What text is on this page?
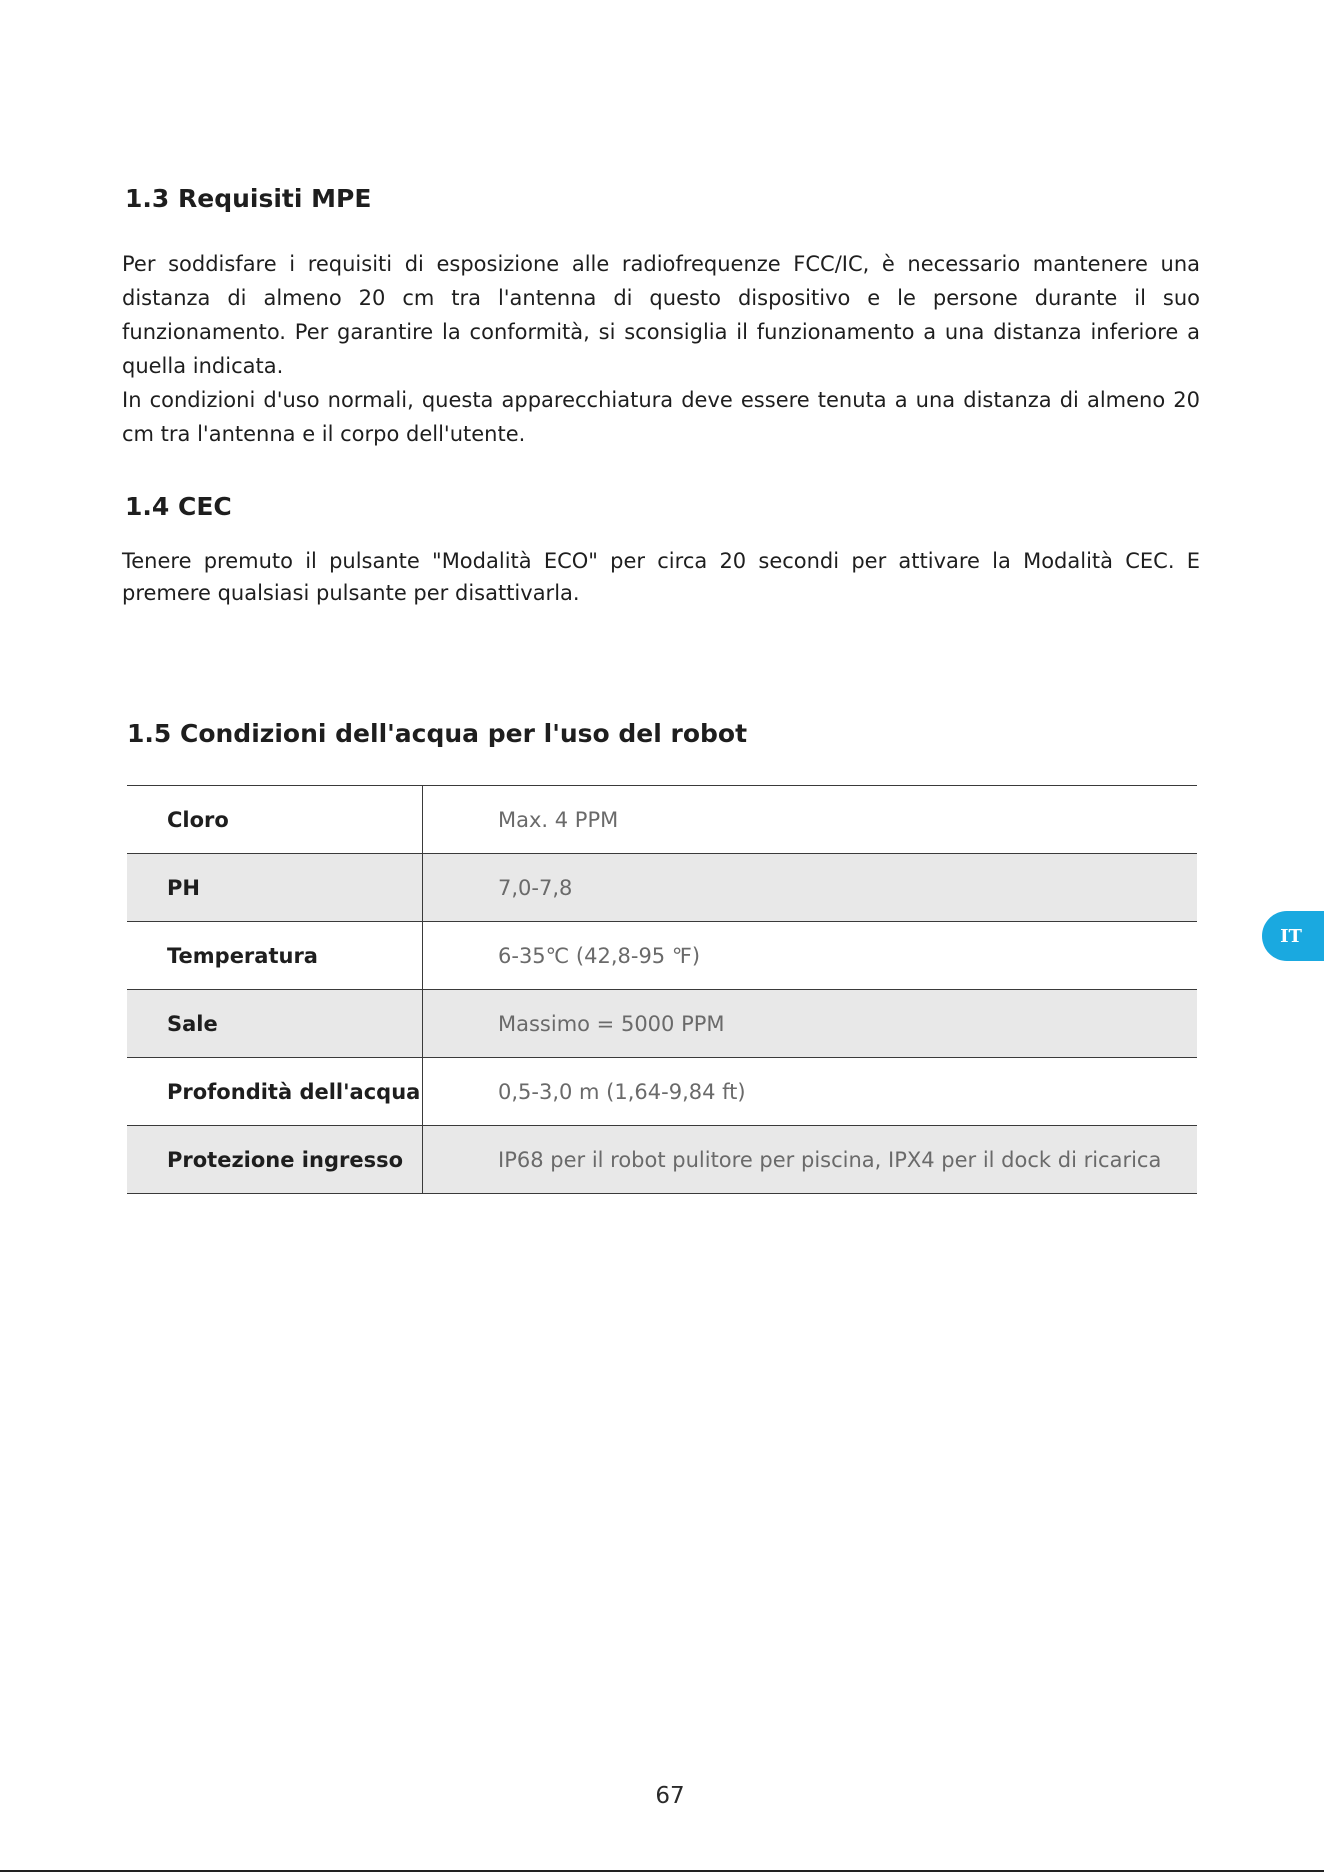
1.3 Requisiti MPE

Per soddisfare i requisiti di esposizione alle radiofrequenze FCC/IC, è necessario mantenere una distanza di almeno 20 cm tra l'antenna di questo dispositivo e le persone durante il suo funzionamento. Per garantire la conformità, si sconsiglia il funzionamento a una distanza inferiore a quella indicata.

In condizioni d'uso normali, questa apparecchiatura deve essere tenuta a una distanza di almeno 20 cm tra l'antenna e il corpo dell'utente.

1.4 CEC

Tenere premuto il pulsante "Modalità ECO" per circa 20 secondi per attivare la Modalità CEC. E premere qualsiasi pulsante per disattivarla.

1.5 Condizioni dell'acqua per l'uso del robot
Cloro	Max. 4 PPM
PH	7,0-7,8
Temperatura	6-35℃ (42,8-95 ℉)
Sale	Massimo = 5000 PPM
Profondità dell'acqua	0,5-3,0 m (1,64-9,84 ft)
Protezione ingresso	IP68 per il robot pulitore per piscina, IPX4 per il dock di ricarica
IT
67
